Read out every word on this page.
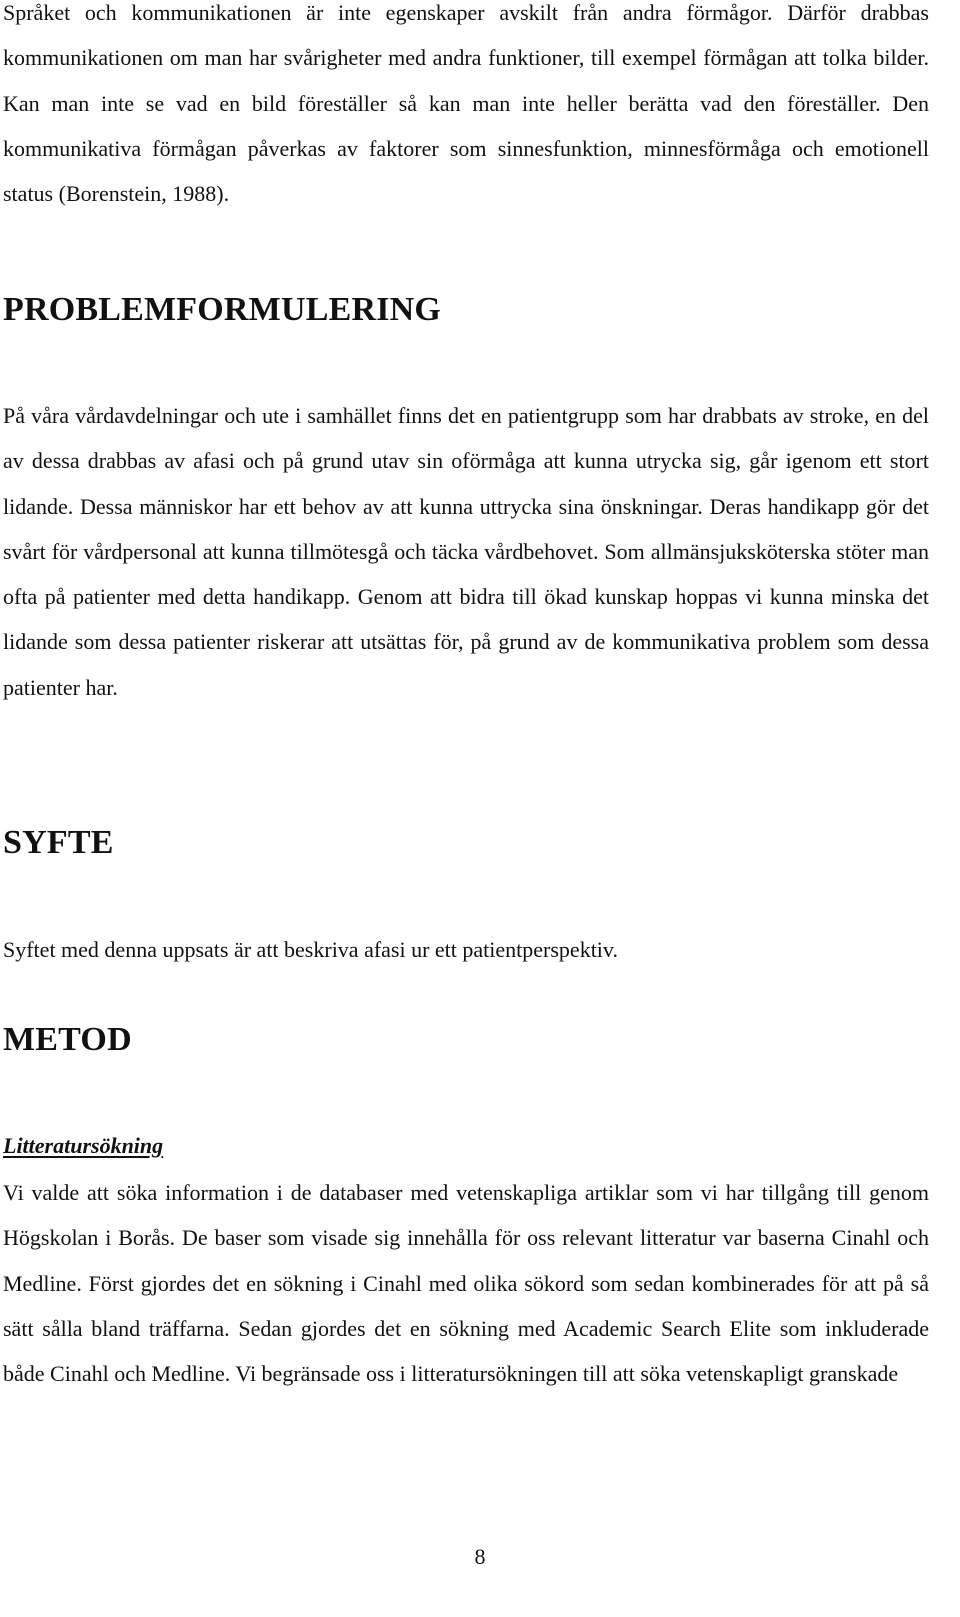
Språket och kommunikationen är inte egenskaper avskilt från andra förmågor. Därför drabbas kommunikationen om man har svårigheter med andra funktioner, till exempel förmågan att tolka bilder. Kan man inte se vad en bild föreställer så kan man inte heller berätta vad den föreställer. Den kommunikativa förmågan påverkas av faktorer som sinnesfunktion, minnesförmåga och emotionell status (Borenstein, 1988).

PROBLEMFORMULERING

På våra vårdavdelningar och ute i samhället finns det en patientgrupp som har drabbats av stroke, en del av dessa drabbas av afasi och på grund utav sin oförmåga att kunna utrycka sig, går igenom ett stort lidande. Dessa människor har ett behov av att kunna uttrycka sina önskningar. Deras handikapp gör det svårt för vårdpersonal att kunna tillmötesgå och täcka vårdbehovet. Som allmänsjuksköterska stöter man ofta på patienter med detta handikapp. Genom att bidra till ökad kunskap hoppas vi kunna minska det lidande som dessa patienter riskerar att utsättas för, på grund av de kommunikativa problem som dessa patienter har.

SYFTE

Syftet med denna uppsats är att beskriva afasi ur ett patientperspektiv.

METOD
Litteratursökning

Vi valde att söka information i de databaser med vetenskapliga artiklar som vi har tillgång till genom Högskolan i Borås. De baser som visade sig innehålla för oss relevant litteratur var baserna Cinahl och Medline. Först gjordes det en sökning i Cinahl med olika sökord som sedan kombinerades för att på så sätt sålla bland träffarna. Sedan gjordes det en sökning med Academic Search Elite som inkluderade både Cinahl och Medline. Vi begränsade oss i litteratursökningen till att söka vetenskapligt granskade

8
